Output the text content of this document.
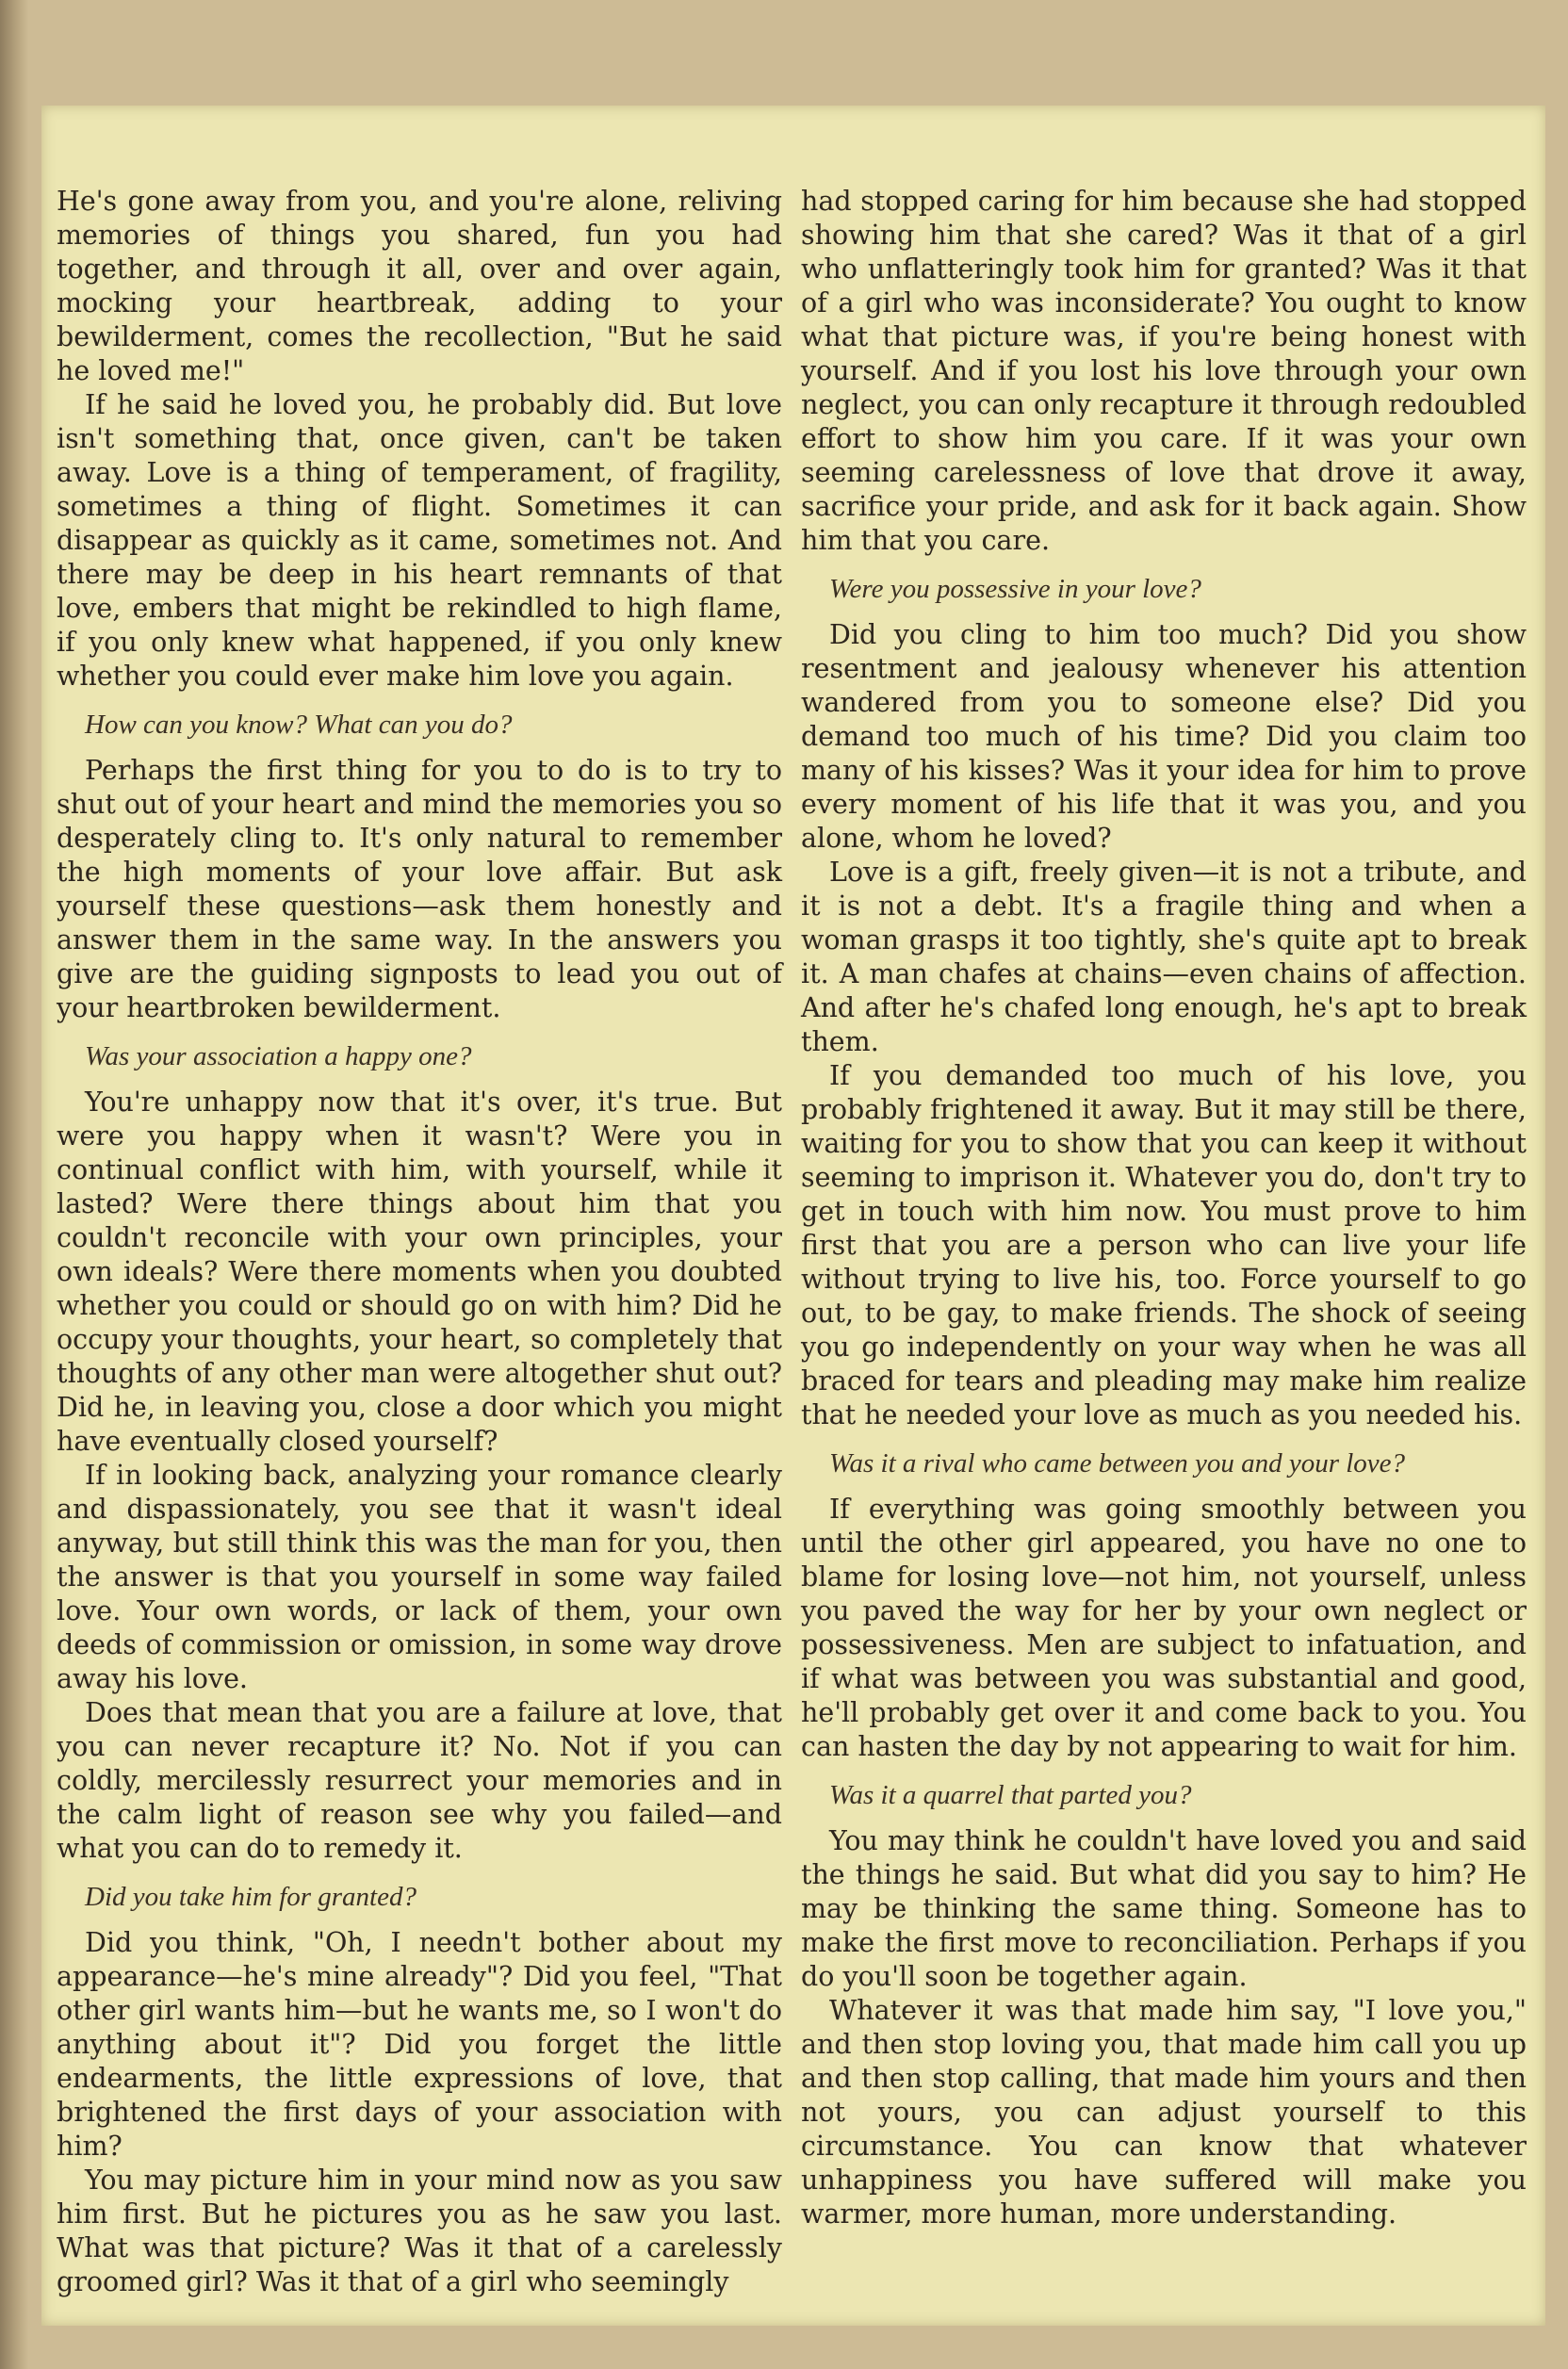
He's gone away from you, and you're alone, reliving memories of things you shared, fun you had together, and through it all, over and over again, mocking your heartbreak, adding to your bewilderment, comes the recollection, "But he said he loved me!"

If he said he loved you, he probably did. But love isn't something that, once given, can't be taken away. Love is a thing of temperament, of fragility, sometimes a thing of flight. Sometimes it can disappear as quickly as it came, sometimes not. And there may be deep in his heart remnants of that love, embers that might be rekindled to high flame, if you only knew what happened, if you only knew whether you could ever make him love you again.

How can you know? What can you do?

Perhaps the first thing for you to do is to try to shut out of your heart and mind the memories you so desperately cling to. It's only natural to remember the high moments of your love affair. But ask yourself these questions—ask them honestly and answer them in the same way. In the answers you give are the guiding signposts to lead you out of your heartbroken bewilderment.

Was your association a happy one?

You're unhappy now that it's over, it's true. But were you happy when it wasn't? Were you in continual conflict with him, with yourself, while it lasted? Were there things about him that you couldn't reconcile with your own principles, your own ideals? Were there moments when you doubted whether you could or should go on with him? Did he occupy your thoughts, your heart, so completely that thoughts of any other man were altogether shut out? Did he, in leaving you, close a door which you might have eventually closed yourself?

If in looking back, analyzing your romance clearly and dispassionately, you see that it wasn't ideal anyway, but still think this was the man for you, then the answer is that you yourself in some way failed love. Your own words, or lack of them, your own deeds of commission or omission, in some way drove away his love.

Does that mean that you are a failure at love, that you can never recapture it? No. Not if you can coldly, mercilessly resurrect your memories and in the calm light of reason see why you failed—and what you can do to remedy it.

Did you take him for granted?

Did you think, "Oh, I needn't bother about my appearance—he's mine already"? Did you feel, "That other girl wants him—but he wants me, so I won't do anything about it"? Did you forget the little endearments, the little expressions of love, that brightened the first days of your association with him?

You may picture him in your mind now as you saw him first. But he pictures you as he saw you last. What was that picture? Was it that of a carelessly groomed girl? Was it that of a girl who seemingly

had stopped caring for him because she had stopped showing him that she cared? Was it that of a girl who unflatteringly took him for granted? Was it that of a girl who was inconsiderate? You ought to know what that picture was, if you're being honest with yourself. And if you lost his love through your own neglect, you can only recapture it through redoubled effort to show him you care. If it was your own seeming carelessness of love that drove it away, sacrifice your pride, and ask for it back again. Show him that you care.

Were you possessive in your love?

Did you cling to him too much? Did you show resentment and jealousy whenever his attention wandered from you to someone else? Did you demand too much of his time? Did you claim too many of his kisses? Was it your idea for him to prove every moment of his life that it was you, and you alone, whom he loved?

Love is a gift, freely given—it is not a tribute, and it is not a debt. It's a fragile thing and when a woman grasps it too tightly, she's quite apt to break it. A man chafes at chains—even chains of affection. And after he's chafed long enough, he's apt to break them.

If you demanded too much of his love, you probably frightened it away. But it may still be there, waiting for you to show that you can keep it without seeming to imprison it. Whatever you do, don't try to get in touch with him now. You must prove to him first that you are a person who can live your life without trying to live his, too. Force yourself to go out, to be gay, to make friends. The shock of seeing you go independently on your way when he was all braced for tears and pleading may make him realize that he needed your love as much as you needed his.

Was it a rival who came between you and your love?

If everything was going smoothly between you until the other girl appeared, you have no one to blame for losing love—not him, not yourself, unless you paved the way for her by your own neglect or possessiveness. Men are subject to infatuation, and if what was between you was substantial and good, he'll probably get over it and come back to you. You can hasten the day by not appearing to wait for him.

Was it a quarrel that parted you?

You may think he couldn't have loved you and said the things he said. But what did you say to him? He may be thinking the same thing. Someone has to make the first move to reconciliation. Perhaps if you do you'll soon be together again.

Whatever it was that made him say, "I love you," and then stop loving you, that made him call you up and then stop calling, that made him yours and then not yours, you can adjust yourself to this circumstance. You can know that whatever unhappiness you have suffered will make you warmer, more human, more understanding.
